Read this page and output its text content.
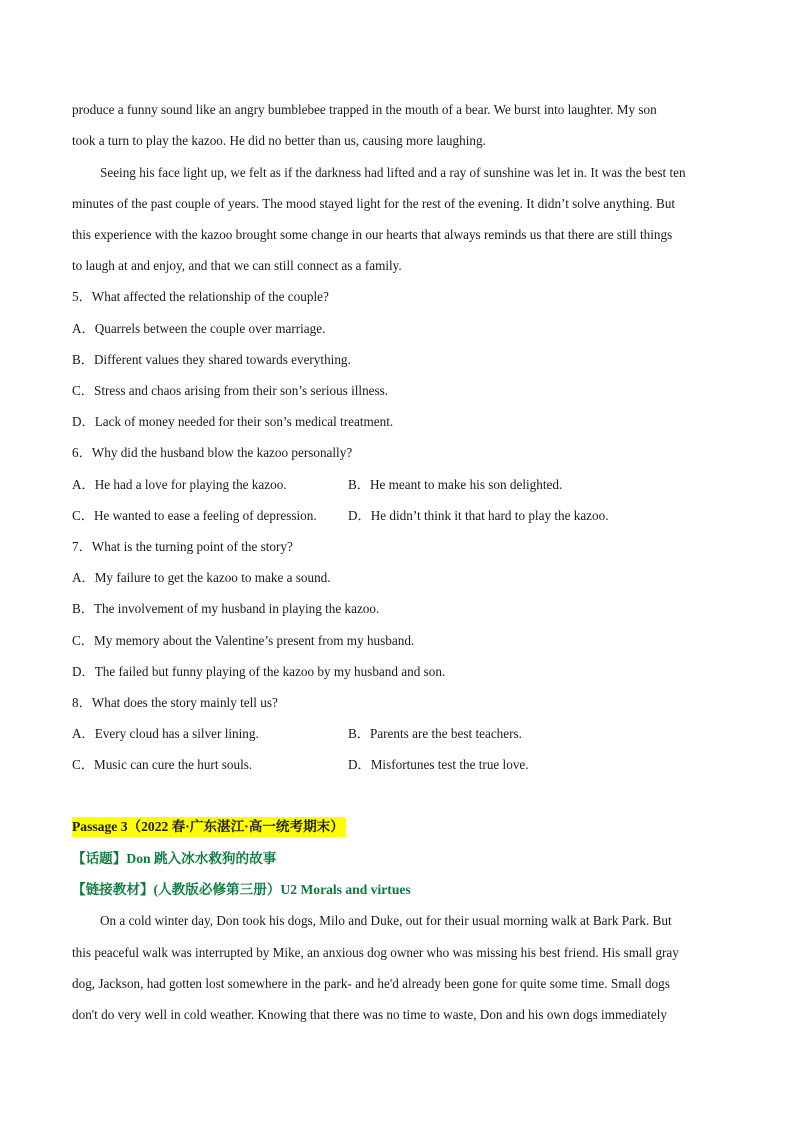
produce a funny sound like an angry bumblebee trapped in the mouth of a bear. We burst into laughter. My son
took a turn to play the kazoo. He did no better than us, causing more laughing.
Seeing his face light up, we felt as if the darkness had lifted and a ray of sunshine was let in. It was the best ten
minutes of the past couple of years. The mood stayed light for the rest of the evening. It didn’t solve anything. But
this experience with the kazoo brought some change in our hearts that always reminds us that there are still things
to laugh at and enjoy, and that we can still connect as a family.
5．What affected the relationship of the couple?
A．Quarrels between the couple over marriage.
B．Different values they shared towards everything.
C．Stress and chaos arising from their son’s serious illness.
D．Lack of money needed for their son’s medical treatment.
6．Why did the husband blow the kazoo personally?
A．He had a love for playing the kazoo.	B．He meant to make his son delighted.
C．He wanted to ease a feeling of depression. D．He didn’t think it that hard to play the kazoo.
7．What is the turning point of the story?
A．My failure to get the kazoo to make a sound.
B．The involvement of my husband in playing the kazoo.
C．My memory about the Valentine’s present from my husband.
D．The failed but funny playing of the kazoo by my husband and son.
8．What does the story mainly tell us?
A．Every cloud has a silver lining.	B．Parents are the best teachers.
C．Music can cure the hurt souls.	D．Misfortunes test the true love.
Passage 3（2022 春·广东湛江·高一统考期末）
【话题】Don 跳入冰水救狗的故事
【链接教材】(人教版必修第三册）U2 Morals and virtues
On a cold winter day, Don took his dogs, Milo and Duke, out for their usual morning walk at Bark Park. But
this peaceful walk was interrupted by Mike, an anxious dog owner who was missing his best friend. His small gray
dog, Jackson, had gotten lost somewhere in the park- and he'd already been gone for quite some time. Small dogs
don't do very well in cold weather. Knowing that there was no time to waste, Don and his own dogs immediately
